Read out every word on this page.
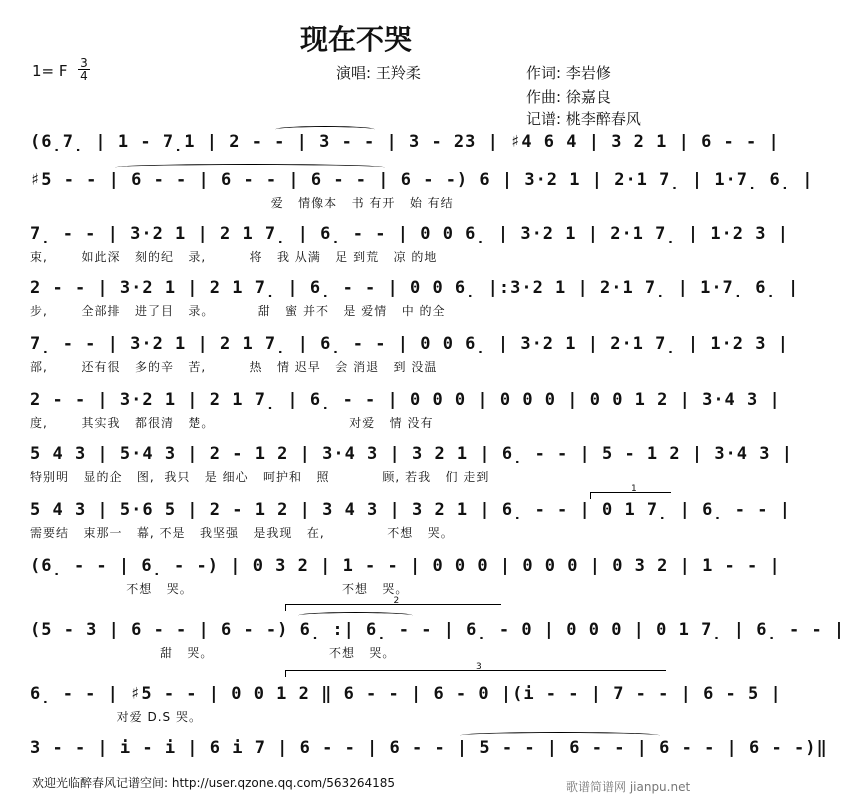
现在不哭
1= F $\frac{3}{4}$	演唱: 王羚柔	作词: 李岩修
作曲: 徐嘉良
记谱: 桃李醉春风
(6̣7̣ | 1 - 7̣1 | 2 - - | 3 - - | 3 - 23 | ♯4 6 4 | 3 2 1 | 6 - - |
♯5 - - | 6 - - | 6 - - | 6 - - | 6 - -) 6 | 3·2 1 | 2·1 7̣ | 1·7̣ 6̣ |
爱   情像本   书 有开   始 有结
7̣ - - | 3·2 1 | 2 1 7̣ | 6̣ - - | 0 0 6̣ | 3·2 1 | 2·1 7̣ | 1·2 3 |
束,       如此深   刻的纪   录,         将   我 从满   足 到荒   凉 的地
2 - - | 3·2 1 | 2 1 7̣ | 6̣ - - | 0 0 6̣ |:3·2 1 | 2·1 7̣ | 1·7̣ 6̣ |
步,       全部排   进了目   录。         甜   蜜 并不   是 爱情   中 的全
7̣ - - | 3·2 1 | 2 1 7̣ | 6̣ - - | 0 0 6̣ | 3·2 1 | 2·1 7̣ | 1·2 3 |
部,       还有很   多的辛   苦,         热   情 迟早   会 消退   到 没温
2 - - | 3·2 1 | 2 1 7̣ | 6̣ - - | 0 0 0 | 0 0 0 | 0 0 1 2 | 3·4 3 |
度,       其实我   都很清   楚。                            对爱   情 没有
5 4 3 | 5·4 3 | 2 - 1 2 | 3·4 3 | 3 2 1 | 6̣ - - | 5 - 1 2 | 3·4 3 |
特别明   显的企   图,  我只   是 细心   呵护和   照           顾, 若我   们 走到
1
5 4 3 | 5·6 5 | 2 - 1 2 | 3 4 3 | 3 2 1 | 6̣ - - | 0 1 7̣ | 6̣ - - |
需要结   束那一   幕, 不是   我坚强   是我现   在,             不想   哭。
(6̣ - - | 6̣ - -) | 0 3 2 | 1 - - | 0 0 0 | 0 0 0 | 0 3 2 | 1 - - |
不想   哭。                               不想   哭。
2
(5 - 3 | 6 - - | 6 - -) 6̣ :| 6̣ - - | 6̣ - 0 | 0 0 0 | 0 1 7̣ | 6̣ - - |
甜   哭。                        不想   哭。
3
6̣ - - | ♯5 - - | 0 0 1 2 ‖ 6 - - | 6 - 0 |(i - - | 7 - - | 6 - 5 |
对爱 D.S 哭。
3 - - | i - i | 6 i 7 | 6 - - | 6 - - | 5 - - | 6 - - | 6 - - | 6 - -)‖
欢迎光临醉春风记谱空间: http://user.qzone.qq.com/563264185	歌谱简谱网 jianpu.net
